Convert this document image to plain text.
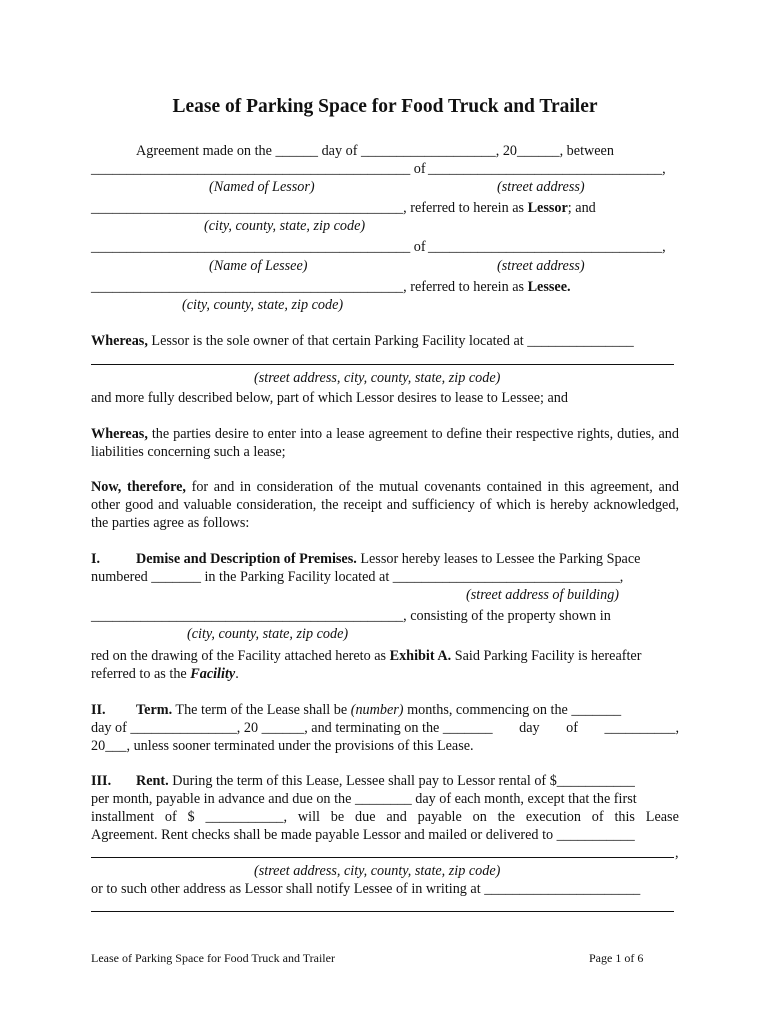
Lease of Parking Space for Food Truck and Trailer
Agreement made on the ______ day of ___________________, 20______, between
_____________________________________________ of _________________________________,
(Named of Lessor)	(street address)
____________________________________________, referred to herein as Lessor; and
(city, county, state, zip code)
_____________________________________________ of _________________________________,
(Name of Lessee)	(street address)
____________________________________________, referred to herein as Lessee.
(city, county, state, zip code)
Whereas, Lessor is the sole owner of that certain Parking Facility located at _______________
(street address, city, county, state, zip code)
and more fully described below, part of which Lessor desires to lease to Lessee; and
Whereas, the parties desire to enter into a lease agreement to define their respective rights, duties, and liabilities concerning such a lease;
Now, therefore, for and in consideration of the mutual covenants contained in this agreement, and other good and valuable consideration, the receipt and sufficiency of which is hereby acknowledged, the parties agree as follows:
I.	Demise and Description of Premises. Lessor hereby leases to Lessee the Parking Space
numbered _______ in the Parking Facility located at ________________________________,
(street address of building)
____________________________________________, consisting of the property shown in
(city, county, state, zip code)
red on the drawing of the Facility attached hereto as Exhibit A. Said Parking Facility is hereafter
referred to as the Facility.
II. Term. The term of the Lease shall be (number) months, commencing on the _______
day of _______________, 20 ______, and terminating on the _______ day of __________,
20___, unless sooner terminated under the provisions of this Lease.
III. Rent. During the term of this Lease, Lessee shall pay to Lessor rental of $___________
per month, payable in advance and due on the ________ day of each month, except that the first
installment of $ ___________, will be due and payable on the execution of this Lease
Agreement. Rent checks shall be made payable Lessor and mailed or delivered to ___________
,
(street address, city, county, state, zip code)
or to such other address as Lessor shall notify Lessee of in writing at ______________________
Lease of Parking Space for Food Truck and Trailer	Page 1 of 6
